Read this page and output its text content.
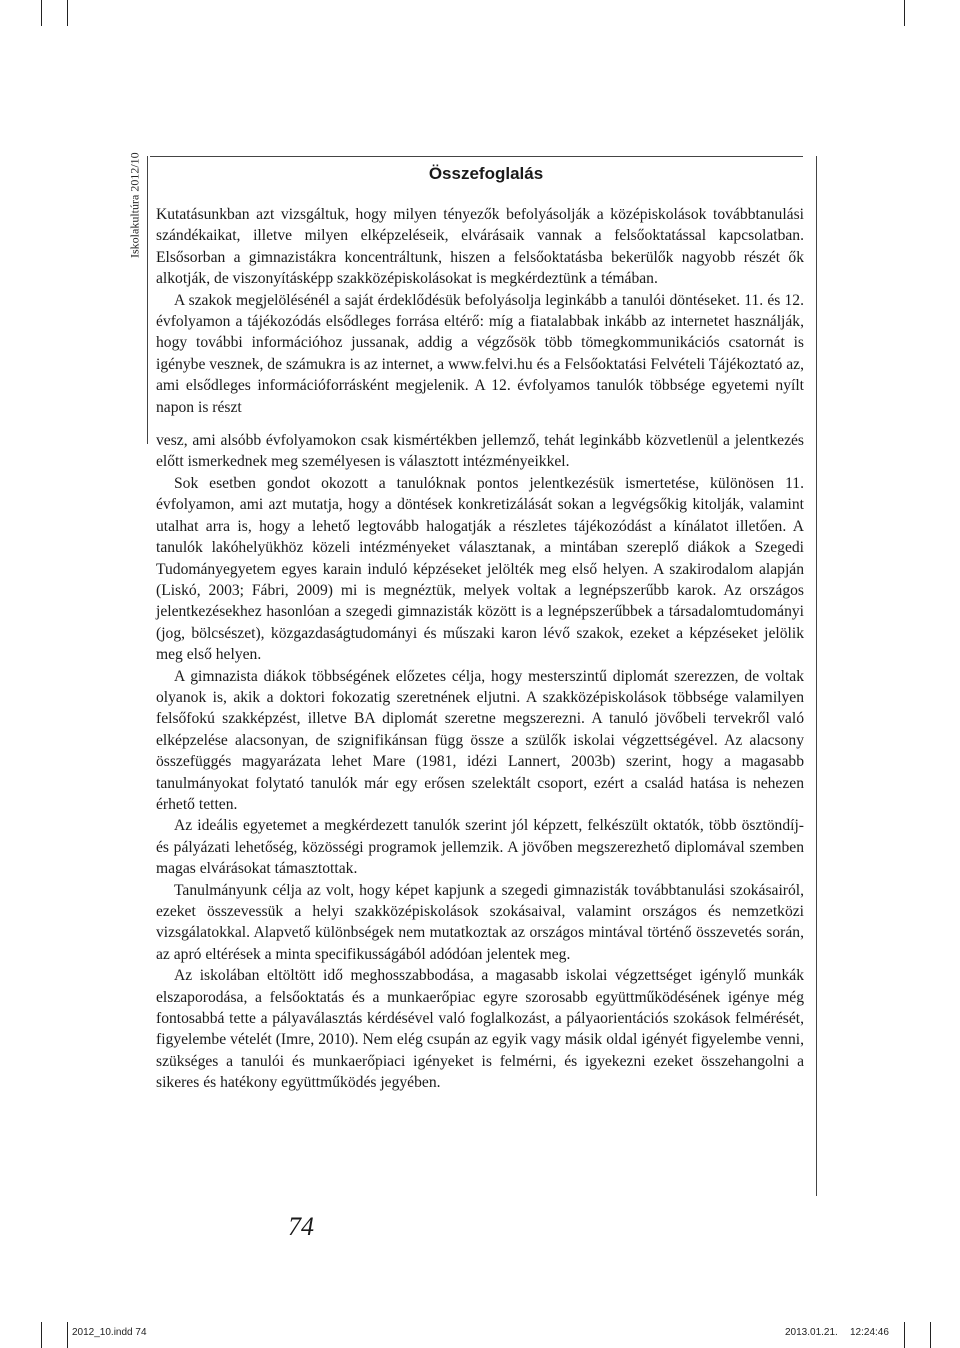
Iskolakultúra 2012/10	Összefoglalás

Kutatásunkban azt vizsgáltuk, hogy milyen tényezők befolyásolják a középiskolások továbbtanulási szándékaikat, illetve milyen elképzeléseik, elvárásaik vannak a felsőoktatással kapcsolatban. Elsősorban a gimnazistákra koncentráltunk, hiszen a felsőoktatásba bekerülők nagyobb részét ők alkotják, de viszonyításképp szakközépiskolásokat is megkérdeztünk a témában.

A szakok megjelölésénél a saját érdeklődésük befolyásolja leginkább a tanulói döntéseket. 11. és 12. évfolyamon a tájékozódás elsődleges forrása eltérő: míg a fiatalabbak inkább az internetet használják, hogy további információhoz jussanak, addig a végzősök több tömegkommunikációs csatornát is igénybe vesznek, de számukra is az internet, a www.felvi.hu és a Felsőoktatási Felvételi Tájékoztató az, ami elsődleges információforrásként megjelenik. A 12. évfolyamos tanulók többsége egyetemi nyílt napon is részt

vesz, ami alsóbb évfolyamokon csak kismértékben jellemző, tehát leginkább közvetlenül a jelentkezés előtt ismerkednek meg személyesen is választott intézményeikkel.

Sok esetben gondot okozott a tanulóknak pontos jelentkezésük ismertetése, különösen 11. évfolyamon, ami azt mutatja, hogy a döntések konkretizálását sokan a legvégsőkig kitolják, valamint utalhat arra is, hogy a lehető legtovább halogatják a részletes tájékozódást a kínálatot illetően. A tanulók lakóhelyükhöz közeli intézményeket választanak, a mintában szereplő diákok a Szegedi Tudományegyetem egyes karain induló képzéseket jelölték meg első helyen. A szakirodalom alapján (Liskó, 2003; Fábri, 2009) mi is megnéztük, melyek voltak a legnépszerűbb karok. Az országos jelentkezésekhez hasonlóan a szegedi gimnazisták között is a legnépszerűbbek a társadalomtudományi (jog, bölcsészet), közgazdaságtudományi és műszaki karon lévő szakok, ezeket a képzéseket jelölik meg első helyen.

A gimnazista diákok többségének előzetes célja, hogy mesterszintű diplomát szerezzen, de voltak olyanok is, akik a doktori fokozatig szeretnének eljutni. A szakközépiskolások többsége valamilyen felsőfokú szakképzést, illetve BA diplomát szeretne megszerezni. A tanuló jövőbeli tervekről való elképzelése alacsonyan, de szignifikánsan függ össze a szülők iskolai végzettségével. Az alacsony összefüggés magyarázata lehet Mare (1981, idézi Lannert, 2003b) szerint, hogy a magasabb tanulmányokat folytató tanulók már egy erősen szelektált csoport, ezért a család hatása is nehezen érhető tetten.

Az ideális egyetemet a megkérdezett tanulók szerint jól képzett, felkészült oktatók, több ösztöndíj- és pályázati lehetőség, közösségi programok jellemzik. A jövőben megszerezhető diplomával szemben magas elvárásokat támasztottak.

Tanulmányunk célja az volt, hogy képet kapjunk a szegedi gimnazisták továbbtanulási szokásairól, ezeket összevessük a helyi szakközépiskolások szokásaival, valamint országos és nemzetközi vizsgálatokkal. Alapvető különbségek nem mutatkoztak az országos mintával történő összevetés során, az apró eltérések a minta specifikusságából adódóan jelentek meg.

Az iskolában eltöltött idő meghosszabbodása, a magasabb iskolai végzettséget igénylő munkák elszaporodása, a felsőoktatás és a munkaerőpiac egyre szorosabb együttműködésének igénye még fontosabbá tette a pályaválasztás kérdésével való foglalkozást, a pályaorientációs szokások felmérését, figyelembe vételét (Imre, 2010). Nem elég csupán az egyik vagy másik oldal igényét figyelembe venni, szükséges a tanulói és munkaerőpiaci igényeket is felmérni, és igyekezni ezeket összehangolni a sikeres és hatékony együttműködés jegyében.

74
2012_10.indd 74	2013.01.21. 12:24:46
